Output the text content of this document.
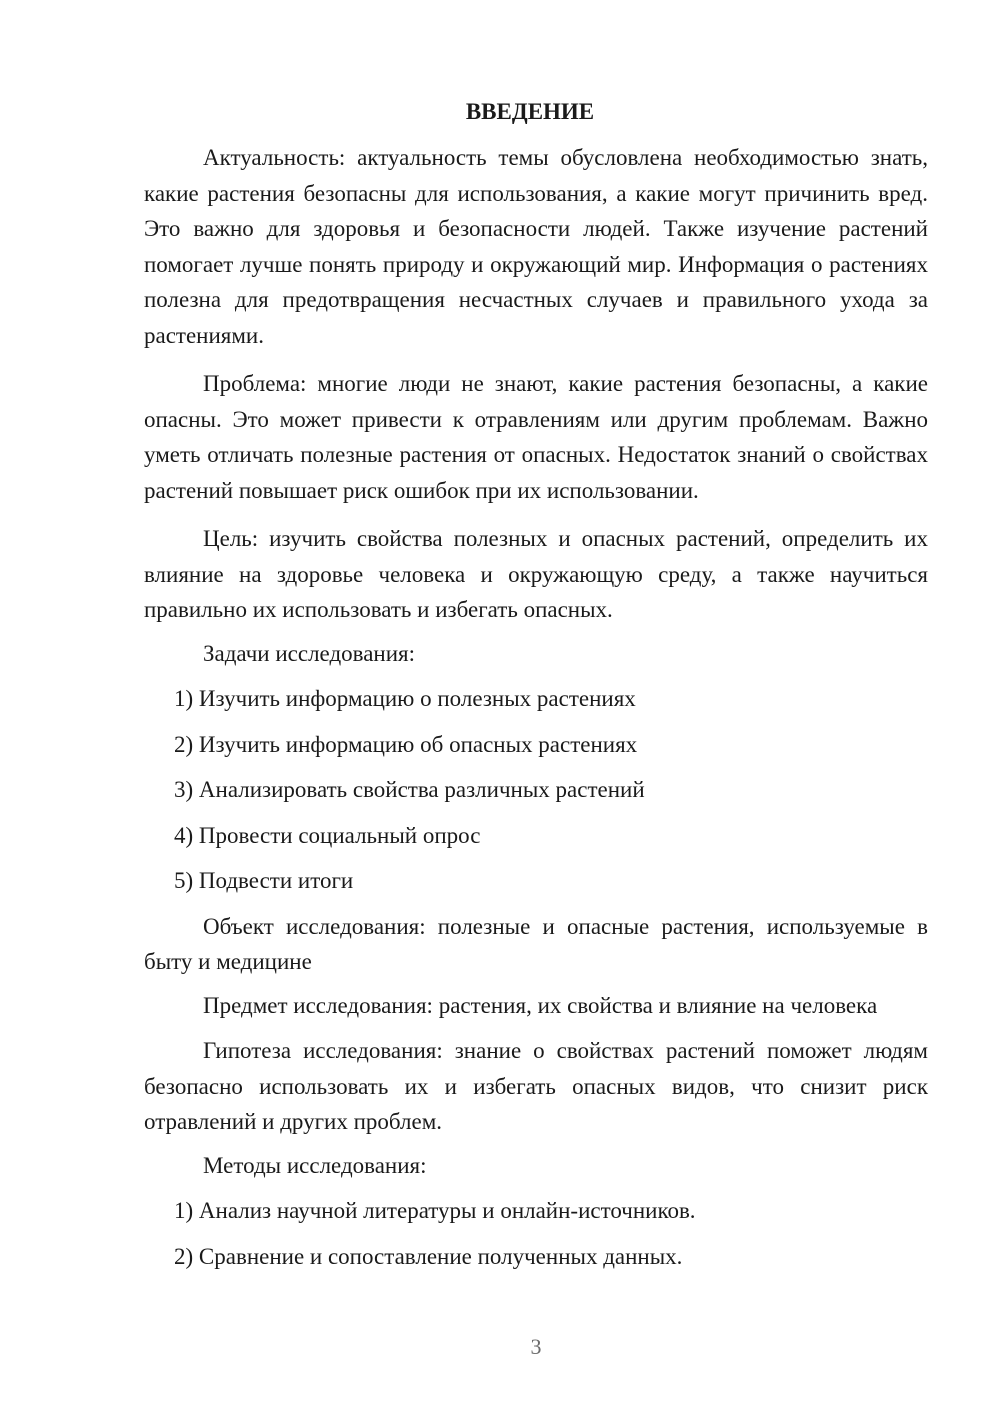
ВВЕДЕНИЕ
Актуальность: актуальность темы обусловлена необходимостью знать, какие растения безопасны для использования, а какие могут причинить вред. Это важно для здоровья и безопасности людей. Также изучение растений помогает лучше понять природу и окружающий мир. Информация о растениях полезна для предотвращения несчастных случаев и правильного ухода за растениями.
Проблема: многие люди не знают, какие растения безопасны, а какие опасны. Это может привести к отравлениям или другим проблемам. Важно уметь отличать полезные растения от опасных. Недостаток знаний о свойствах растений повышает риск ошибок при их использовании.
Цель: изучить свойства полезных и опасных растений, определить их влияние на здоровье человека и окружающую среду, а также научиться правильно их использовать и избегать опасных.
Задачи исследования:
1) Изучить информацию о полезных растениях
2) Изучить информацию об опасных растениях
3) Анализировать свойства различных растений
4) Провести социальный опрос
5) Подвести итоги
Объект исследования: полезные и опасные растения, используемые в быту и медицине
Предмет исследования: растения, их свойства и влияние на человека
Гипотеза исследования: знание о свойствах растений поможет людям безопасно использовать их и избегать опасных видов, что снизит риск отравлений и других проблем.
Методы исследования:
1) Анализ научной литературы и онлайн-источников.
2) Сравнение и сопоставление полученных данных.
3
